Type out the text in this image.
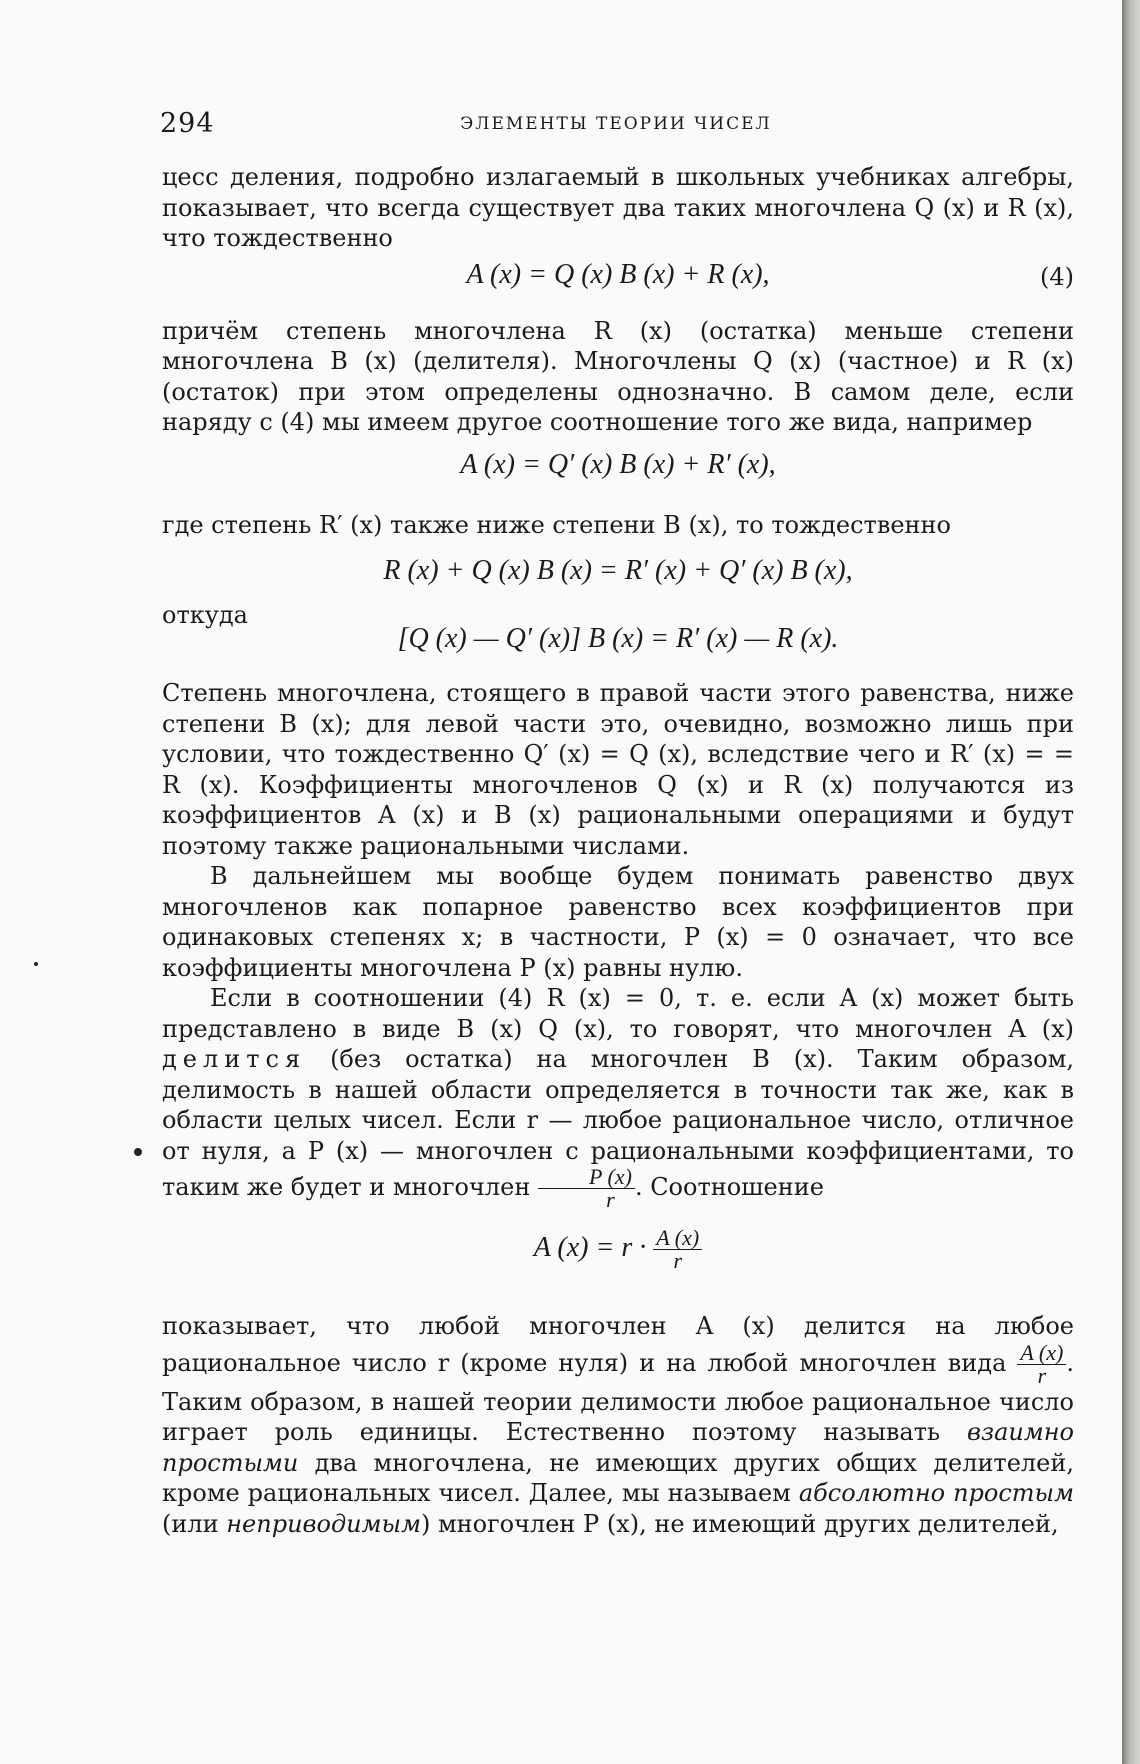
294	ЭЛЕМЕНТЫ ТЕОРИИ ЧИСЕЛ

цесс деления, подробно излагаемый в школьных учебниках алгебры, показывает, что всегда существует два таких многочлена Q (x) и R (x), что тождественно

A (x) = Q (x) B (x) + R (x),	(4)

причём степень многочлена R (x) (остатка) меньше степени многочлена B (x) (делителя). Многочлены Q (x) (частное) и R (x) (остаток) при этом определены однозначно. В самом деле, если наряду с (4) мы имеем другое соотношение того же вида, например

A (x) = Q′ (x) B (x) + R′ (x),

где степень R′ (x) также ниже степени B (x), то тождественно

R (x) + Q (x) B (x) = R′ (x) + Q′ (x) B (x),
откуда
[Q (x) — Q′ (x)] B (x) = R′ (x) — R (x).

Степень многочлена, стоящего в правой части этого равенства, ниже степени B (x); для левой части это, очевидно, возможно лишь при условии, что тождественно Q′ (x) = Q (x), вследствие чего и R′ (x) = = R (x). Коэффициенты многочленов Q (x) и R (x) получаются из коэффициентов A (x) и B (x) рациональными операциями и будут поэтому также рациональными числами.

В дальнейшем мы вообще будем понимать равенство двух многочленов как попарное равенство всех коэффициентов при одинаковых степенях x; в частности, P (x) = 0 означает, что все коэффициенты многочлена P (x) равны нулю.

Если в соотношении (4) R (x) = 0, т. е. если A (x) может быть представлено в виде B (x) Q (x), то говорят, что многочлен A (x) делится (без остатка) на многочлен B (x). Таким образом, делимость в нашей области определяется в точности так же, как в области целых чисел. Если r — любое рациональное число, отличное от нуля, а P (x) — многочлен с рациональными коэффициентами, то таким же будет и многочлен $\frac{P (x)}{r}$ . Соотношение

A $(x) = r \cdot \frac{A (x)}{r}$

показывает, что любой многочлен A (x) делится на любое рациональное число r (кроме нуля) и на любой многочлен вида $\frac{A (x)}{r}$ . Таким образом, в нашей теории делимости любое рациональное число играет роль единицы. Естественно поэтому называть взаимно простыми два многочлена, не имеющих других общих делителей, кроме рациональных чисел. Далее, мы называем абсолютно простым (или неприводимым) многочлен P (x), не имеющий других делителей,
